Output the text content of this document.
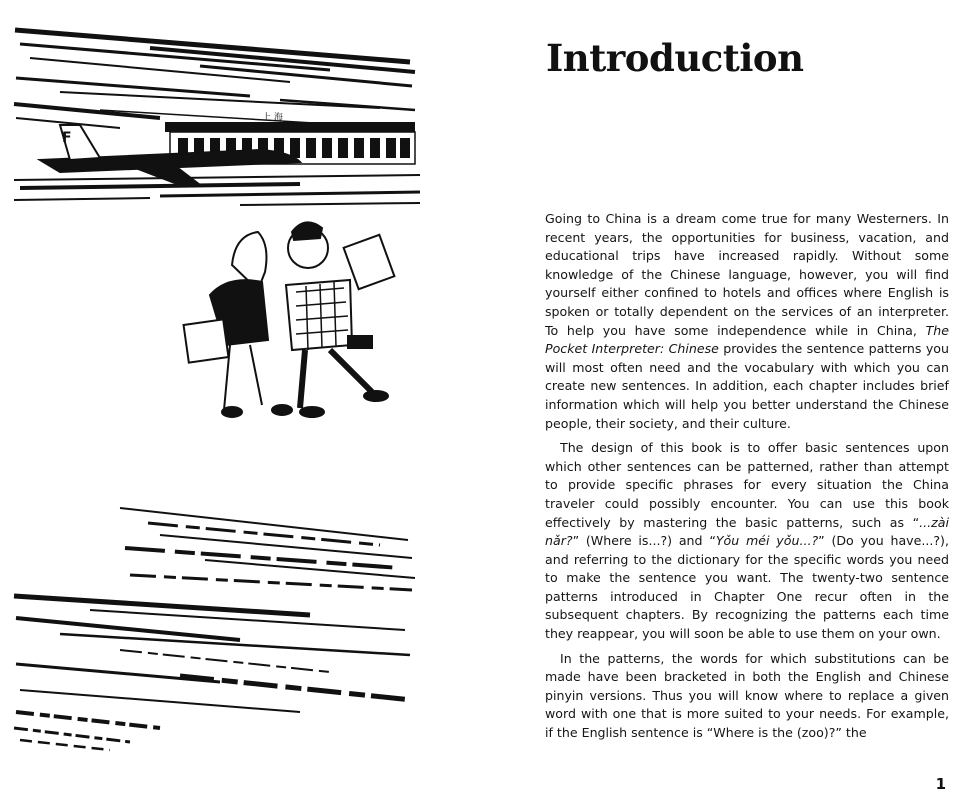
上 海
F
Introduction

Going to China is a dream come true for many Westerners. In recent years, the opportunities for business, vacation, and educational trips have increased rapidly. Without some knowledge of the Chinese language, however, you will find yourself either confined to hotels and offices where English is spoken or totally dependent on the services of an interpreter. To help you have some independence while in China, The Pocket Interpreter: Chinese provides the sentence patterns you will most often need and the vocabulary with which you can create new sentences. In addition, each chapter includes brief information which will help you better understand the Chinese people, their society, and their culture.

The design of this book is to offer basic sentences upon which other sentences can be patterned, rather than attempt to provide specific phrases for every situation the China traveler could possibly encounter. You can use this book effectively by mastering the basic patterns, such as “...zài nǎr?” (Where is...?) and “Yǒu méi yǒu...?” (Do you have...?), and referring to the dictionary for the specific words you need to make the sentence you want. The twenty-two sentence patterns introduced in Chapter One recur often in the subsequent chapters. By recognizing the patterns each time they reappear, you will soon be able to use them on your own.

In the patterns, the words for which substitutions can be made have been bracketed in both the English and Chinese pinyin versions. Thus you will know where to replace a given word with one that is more suited to your needs. For example, if the English sentence is “Where is the (zoo)?” the

1
